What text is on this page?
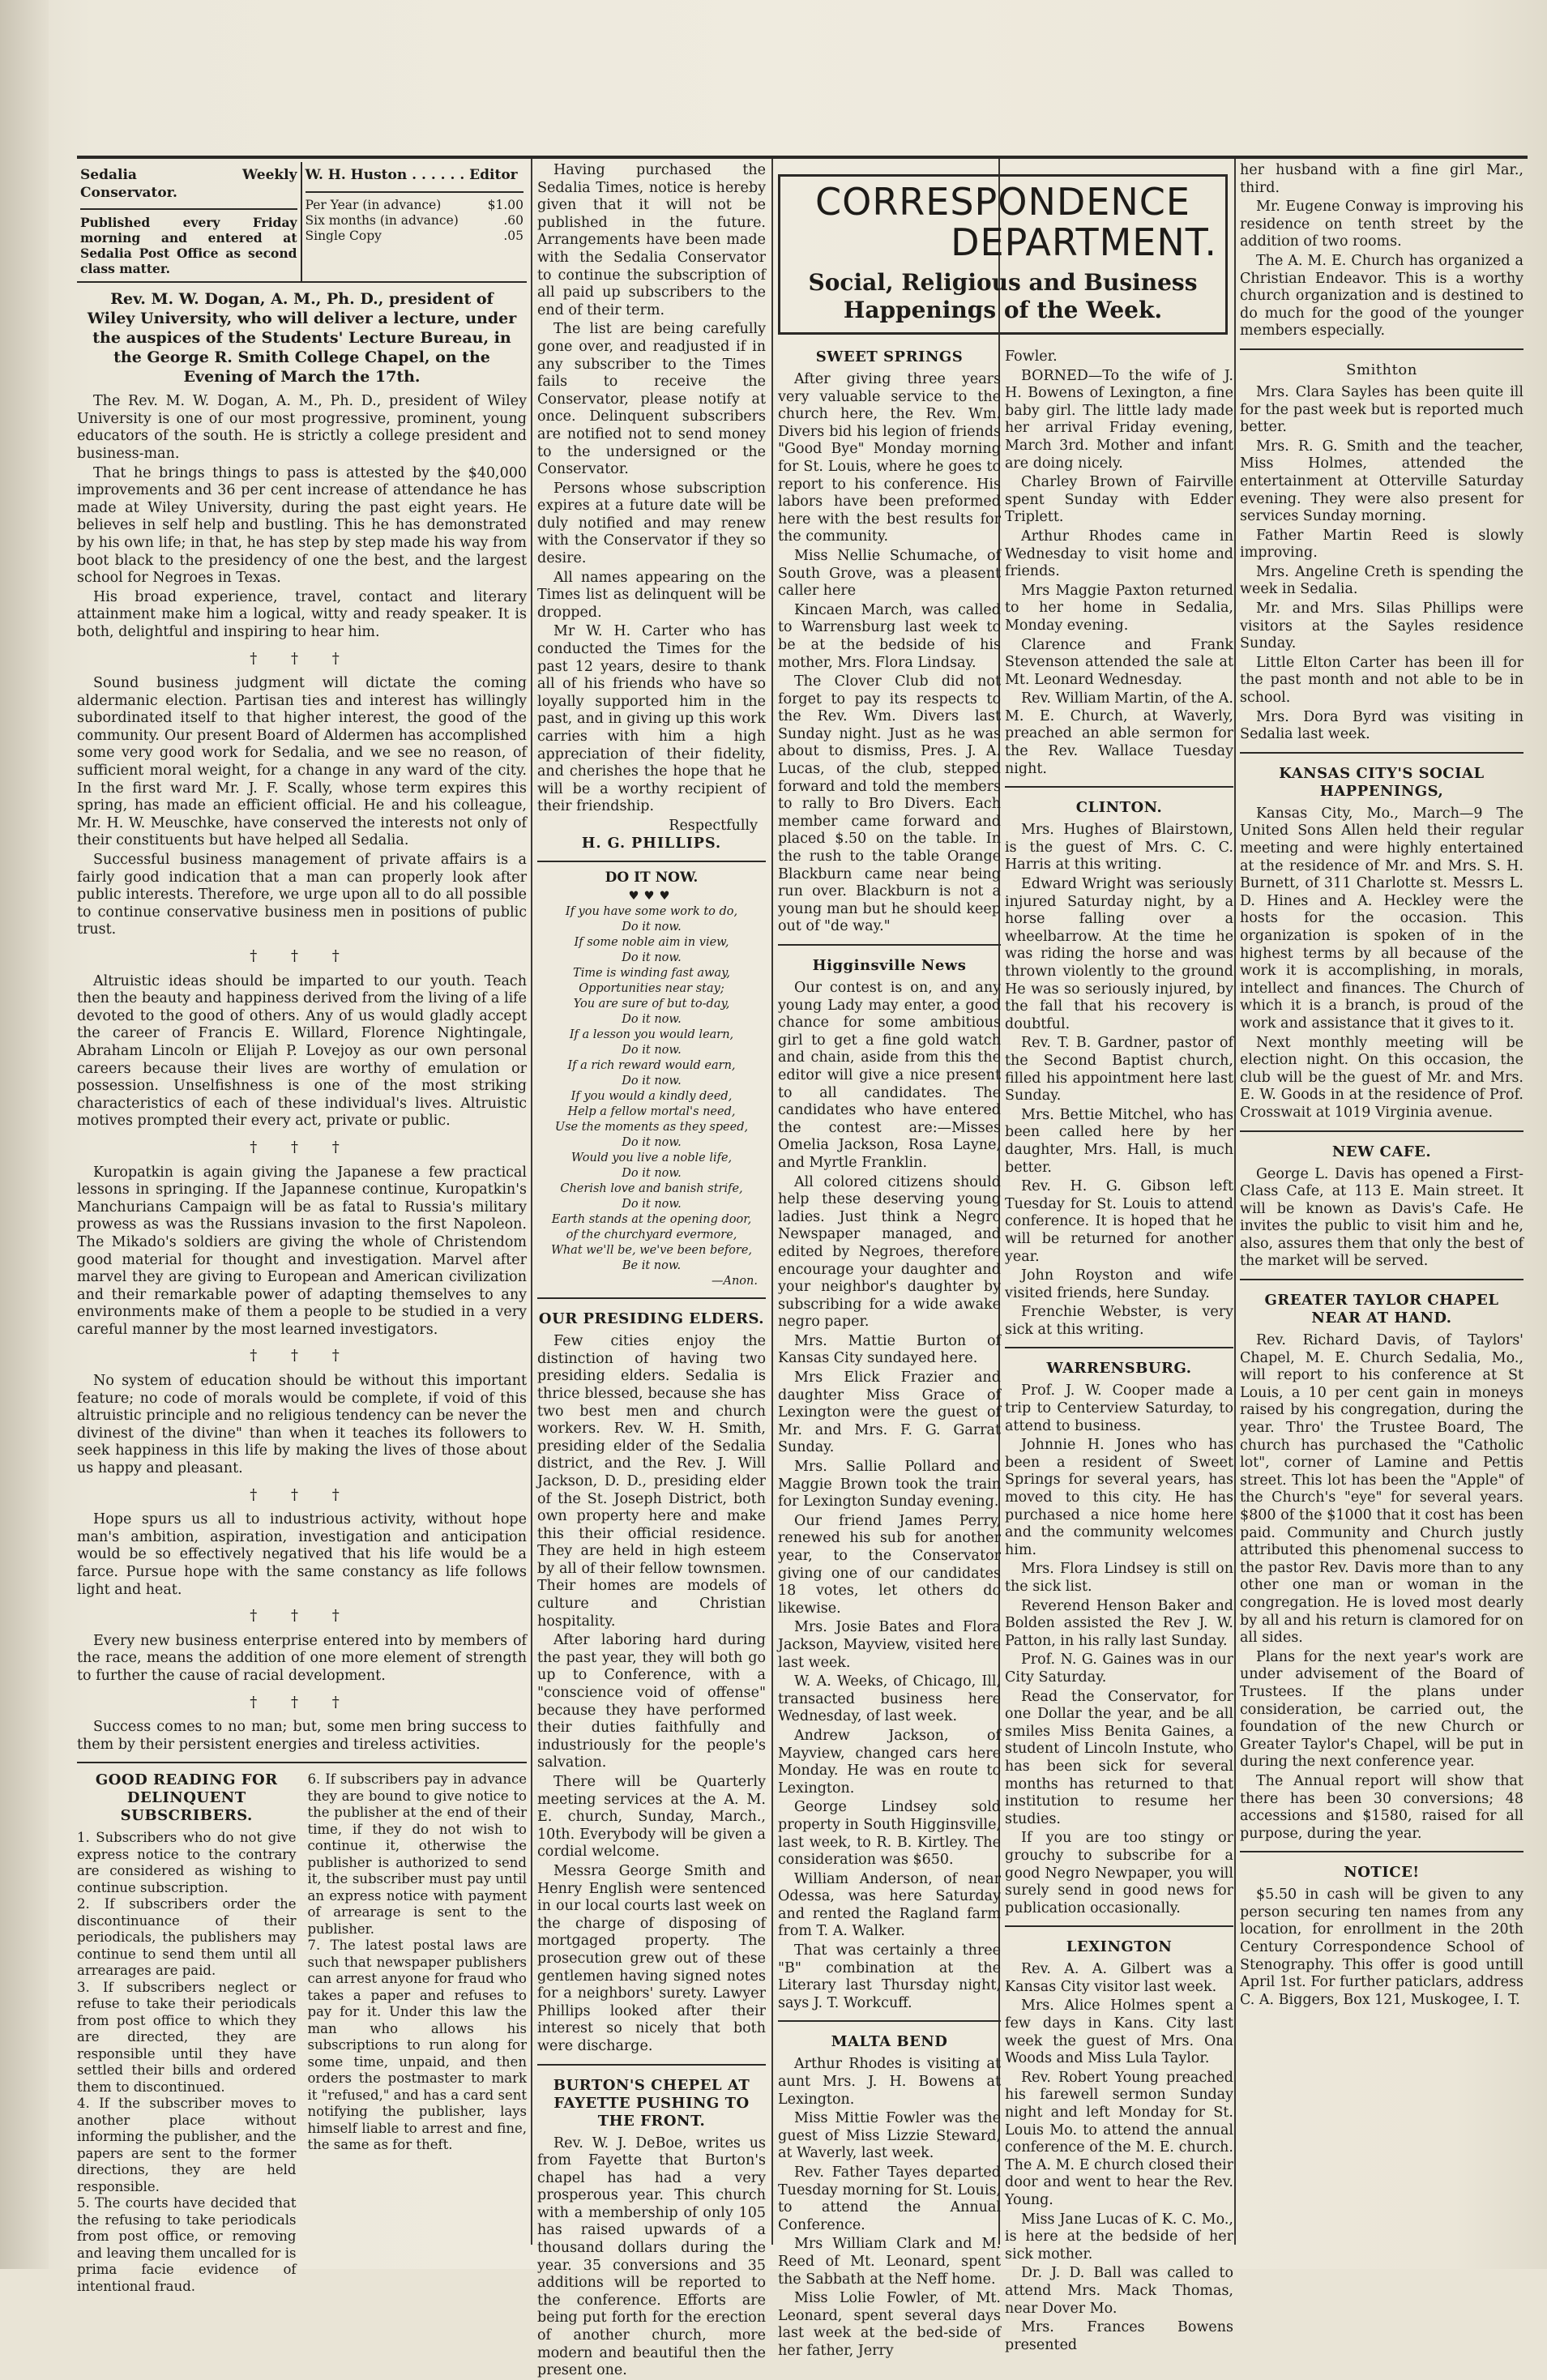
Sedalia Weekly Conservator.
Published every Friday morning and entered at Sedalia Post Office as second class matter.
W. H. Huston . . . . . . Editor
Per Year (in advance)	$1.00
Six months (in advance)	.60
Single Copy	.05
Rev. M. W. Dogan, A. M., Ph. D., president of Wiley University, who will deliver a lecture, under the auspices of the Students' Lecture Bureau, in the George R. Smith College Chapel, on the Evening of March the 17th.

The Rev. M. W. Dogan, A. M., Ph. D., president of Wiley University is one of our most progressive, prominent, young educators of the south. He is strictly a college president and business-man.

That he brings things to pass is attested by the $40,000 improvements and 36 per cent increase of attendance he has made at Wiley University, during the past eight years. He believes in self help and bustling. This he has demonstrated by his own life; in that, he has step by step made his way from boot black to the presidency of one the best, and the largest school for Negroes in Texas.

His broad experience, travel, contact and literary attainment make him a logical, witty and ready speaker. It is both, delightful and inspiring to hear him.

† † †

Sound business judgment will dictate the coming aldermanic election. Partisan ties and interest has willingly subordinated itself to that higher interest, the good of the community. Our present Board of Aldermen has accomplished some very good work for Sedalia, and we see no reason, of sufficient moral weight, for a change in any ward of the city. In the first ward Mr. J. F. Scally, whose term expires this spring, has made an efficient official. He and his colleague, Mr. H. W. Meuschke, have conserved the interests not only of their constituents but have helped all Sedalia.

Successful business management of private affairs is a fairly good indication that a man can properly look after public interests. Therefore, we urge upon all to do all possible to continue conservative business men in positions of public trust.

† † †

Altruistic ideas should be imparted to our youth. Teach then the beauty and happiness derived from the living of a life devoted to the good of others. Any of us would gladly accept the career of Francis E. Willard, Florence Nightingale, Abraham Lincoln or Elijah P. Lovejoy as our own personal careers because their lives are worthy of emulation or possession. Unselfishness is one of the most striking characteristics of each of these individual's lives. Altruistic motives prompted their every act, private or public.

† † †

Kuropatkin is again giving the Japanese a few practical lessons in springing. If the Japannese continue, Kuropatkin's Manchurians Campaign will be as fatal to Russia's military prowess as was the Russians invasion to the first Napoleon. The Mikado's soldiers are giving the whole of Christendom good material for thought and investigation. Marvel after marvel they are giving to European and American civilization and their remarkable power of adapting themselves to any environments make of them a people to be studied in a very careful manner by the most learned investigators.

† † †

No system of education should be without this important feature; no code of morals would be complete, if void of this altruistic principle and no religious tendency can be never the divinest of the divine" than when it teaches its followers to seek happiness in this life by making the lives of those about us happy and pleasant.

† † †

Hope spurs us all to industrious activity, without hope man's ambition, aspiration, investigation and anticipation would be so effectively negatived that his life would be a farce. Pursue hope with the same constancy as life follows light and heat.

† † †

Every new business enterprise entered into by members of the race, means the addition of one more element of strength to further the cause of racial development.

† † †

Success comes to no man; but, some men bring success to them by their persistent energies and tireless activities.

GOOD READING FOR DELINQUENT SUBSCRIBERS.
1. Subscribers who do not give express notice to the contrary are considered as wishing to continue subscription.
2. If subscribers order the discontinuance of their periodicals, the publishers may continue to send them until all arrearages are paid.
3. If subscribers neglect or refuse to take their periodicals from post office to which they are directed, they are responsible until they have settled their bills and ordered them to discontinued.
4. If the subscriber moves to another place without informing the publisher, and the papers are sent to the former directions, they are held responsible.
5. The courts have decided that the refusing to take periodicals from post office, or removing and leaving them uncalled for is prima facie evidence of intentional fraud.
6. If subscribers pay in advance they are bound to give notice to the publisher at the end of their time, if they do not wish to continue it, otherwise the publisher is authorized to send it, the subscriber must pay until an express notice with payment of arrearage is sent to the publisher.
7. The latest postal laws are such that newspaper publishers can arrest anyone for fraud who takes a paper and refuses to pay for it. Under this law the man who allows his subscriptions to run along for some time, unpaid, and then orders the postmaster to mark it "refused," and has a card sent notifying the publisher, lays himself liable to arrest and fine, the same as for theft.

Having purchased the Sedalia Times, notice is hereby given that it will not be published in the future. Arrangements have been made with the Sedalia Conservator to continue the subscription of all paid up subscribers to the end of their term.

The list are being carefully gone over, and readjusted if in any subscriber to the Times fails to receive the Conservator, please notify at once. Delinquent subscribers are notified not to send money to the undersigned or the Conservator.

Persons whose subscription expires at a future date will be duly notified and may renew with the Conservator if they so desire.

All names appearing on the Times list as delinquent will be dropped.

Mr W. H. Carter who has conducted the Times for the past 12 years, desire to thank all of his friends who have so loyally supported him in the past, and in giving up this work carries with him a high appreciation of their fidelity, and cherishes the hope that he will be a worthy recipient of their friendship.

Respectfully
H. G. PHILLIPS.
DO IT NOW.
♥♥♥
If you have some work to do,
Do it now.
If some noble aim in view,
Do it now.
Time is winding fast away,
Opportunities near stay;
You are sure of but to-day,
Do it now.
If a lesson you would learn,
Do it now.
If a rich reward would earn,
Do it now.
If you would a kindly deed,
Help a fellow mortal's need,
Use the moments as they speed,
Do it now.
Would you live a noble life,
Do it now.
Cherish love and banish strife,
Do it now.
Earth stands at the opening door,
of the churchyard evermore,
What we'll be, we've been before,
Be it now.
—Anon.
OUR PRESIDING ELDERS.

Few cities enjoy the distinction of having two presiding elders. Sedalia is thrice blessed, because she has two best men and church workers. Rev. W. H. Smith, presiding elder of the Sedalia district, and the Rev. J. Will Jackson, D. D., presiding elder of the St. Joseph District, both own property here and make this their official residence. They are held in high esteem by all of their fellow townsmen. Their homes are models of culture and Christian hospitality.

After laboring hard during the past year, they will both go up to Conference, with a "conscience void of offense" because they have performed their duties faithfully and industriously for the people's salvation.

There will be Quarterly meeting services at the A. M. E. church, Sunday, March., 10th. Everybody will be given a cordial welcome.

Messra George Smith and Henry English were sentenced in our local courts last week on the charge of disposing of mortgaged property. The prosecution grew out of these gentlemen having signed notes for a neighbors' surety. Lawyer Phillips looked after their interest so nicely that both were discharge.

BURTON'S CHEPEL AT FAYETTE PUSHING TO THE FRONT.

Rev. W. J. DeBoe, writes us from Fayette that Burton's chapel has had a very prosperous year. This church with a membership of only 105 has raised upwards of a thousand dollars during the year. 35 conversions and 35 additions will be reported to the conference. Efforts are being put forth for the erection of another church, more modern and beautiful then the present one.

CORRESPONDENCE
DEPARTMENT.
Social, Religious and Business Happenings of the Week.
SWEET SPRINGS

After giving three years very valuable service to the church here, the Rev. Wm. Divers bid his legion of friends "Good Bye" Monday morning for St. Louis, where he goes to report to his conference. His labors have been preformed here with the best results for the community.

Miss Nellie Schumache, of South Grove, was a pleasent caller here

Kincaen March, was called to Warrensburg last week to be at the bedside of his mother, Mrs. Flora Lindsay.

The Clover Club did not forget to pay its respects to the Rev. Wm. Divers last Sunday night. Just as he was about to dismiss, Pres. J. A. Lucas, of the club, stepped forward and told the members to rally to Bro Divers. Each member came forward and placed $.50 on the table. In the rush to the table Orange Blackburn came near being run over. Blackburn is not a young man but he should keep out of "de way."

Higginsville News

Our contest is on, and any young Lady may enter, a good chance for some ambitious girl to get a fine gold watch and chain, aside from this the editor will give a nice present to all candidates. The candidates who have entered the contest are:—Misses Omelia Jackson, Rosa Layne, and Myrtle Franklin.

All colored citizens should help these deserving young ladies. Just think a Negro Newspaper managed, and edited by Negroes, therefore encourage your daughter and your neighbor's daughter by subscribing for a wide awake negro paper.

Mrs. Mattie Burton of Kansas City sundayed here.

Mrs Elick Frazier and daughter Miss Grace of Lexington were the guest of Mr. and Mrs. F. G. Garrat Sunday.

Mrs. Sallie Pollard and Maggie Brown took the train for Lexington Sunday evening.

Our friend James Perry, renewed his sub for another year, to the Conservator giving one of our candidates 18 votes, let others do likewise.

Mrs. Josie Bates and Flora Jackson, Mayview, visited here last week.

W. A. Weeks, of Chicago, Ill, transacted business here Wednesday, of last week.

Andrew Jackson, of Mayview, changed cars here Monday. He was en route to Lexington.

George Lindsey sold property in South Higginsville, last week, to R. B. Kirtley. The consideration was $650.

William Anderson, of near Odessa, was here Saturday and rented the Ragland farm from T. A. Walker.

That was certainly a three "B" combination at the Literary last Thursday night, says J. T. Workcuff.

MALTA BEND

Arthur Rhodes is visiting at aunt Mrs. J. H. Bowens at Lexington.

Miss Mittie Fowler was the guest of Miss Lizzie Steward, at Waverly, last week.

Rev. Father Tayes departed Tuesday morning for St. Louis, to attend the Annual Conference.

Mrs William Clark and M. Reed of Mt. Leonard, spent the Sabbath at the Neff home.

Miss Lolie Fowler, of Mt. Leonard, spent several days last week at the bed-side of her father, Jerry

Fowler.

BORNED—To the wife of J. H. Bowens of Lexington, a fine baby girl. The little lady made her arrival Friday evening, March 3rd. Mother and infant are doing nicely.

Charley Brown of Fairville spent Sunday with Edder Triplett.

Arthur Rhodes came in Wednesday to visit home and friends.

Mrs Maggie Paxton returned to her home in Sedalia, Monday evening.

Clarence and Frank Stevenson attended the sale at Mt. Leonard Wednesday.

Rev. William Martin, of the A. M. E. Church, at Waverly, preached an able sermon for the Rev. Wallace Tuesday night.

CLINTON.

Mrs. Hughes of Blairstown, is the guest of Mrs. C. C. Harris at this writing.

Edward Wright was seriously injured Saturday night, by a horse falling over a wheelbarrow. At the time he was riding the horse and was thrown violently to the ground He was so seriously injured, by the fall that his recovery is doubtful.

Rev. T. B. Gardner, pastor of the Second Baptist church, filled his appointment here last Sunday.

Mrs. Bettie Mitchel, who has been called here by her daughter, Mrs. Hall, is much better.

Rev. H. G. Gibson left Tuesday for St. Louis to attend conference. It is hoped that he will be returned for another year.

John Royston and wife visited friends, here Sunday.

Frenchie Webster, is very sick at this writing.

WARRENSBURG.

Prof. J. W. Cooper made a trip to Centerview Saturday, to attend to business.

Johnnie H. Jones who has been a resident of Sweet Springs for several years, has moved to this city. He has purchased a nice home here and the community welcomes him.

Mrs. Flora Lindsey is still on the sick list.

Reverend Henson Baker and Bolden assisted the Rev J. W. Patton, in his rally last Sunday.

Prof. N. G. Gaines was in our City Saturday.

Read the Conservator, for one Dollar the year, and be all smiles Miss Benita Gaines, a student of Lincoln Instute, who has been sick for several months has returned to that institution to resume her studies.

If you are too stingy or grouchy to subscribe for a good Negro Newpaper, you will surely send in good news for publication occasionally.

LEXINGTON

Rev. A. A. Gilbert was a Kansas City visitor last week.

Mrs. Alice Holmes spent a few days in Kans. City last week the guest of Mrs. Ona Woods and Miss Lula Taylor.

Rev. Robert Young preached his farewell sermon Sunday night and left Monday for St. Louis Mo. to attend the annual conference of the M. E. church. The A. M. E church closed their door and went to hear the Rev. Young.

Miss Jane Lucas of K. C. Mo., is here at the bedside of her sick mother.

Dr. J. D. Ball was called to attend Mrs. Mack Thomas, near Dover Mo.

Mrs. Frances Bowens presented

her husband with a fine girl Mar., third.

Mr. Eugene Conway is improving his residence on tenth street by the addition of two rooms.

The A. M. E. Church has organized a Christian Endeavor. This is a worthy church organization and is destined to do much for the good of the younger members especially.

Smithton

Mrs. Clara Sayles has been quite ill for the past week but is reported much better.

Mrs. R. G. Smith and the teacher, Miss Holmes, attended the entertainment at Otterville Saturday evening. They were also present for services Sunday morning.

Father Martin Reed is slowly improving.

Mrs. Angeline Creth is spending the week in Sedalia.

Mr. and Mrs. Silas Phillips were visitors at the Sayles residence Sunday.

Little Elton Carter has been ill for the past month and not able to be in school.

Mrs. Dora Byrd was visiting in Sedalia last week.

KANSAS CITY'S SOCIAL HAPPENINGS,

Kansas City, Mo., March—9 The United Sons Allen held their regular meeting and were highly entertained at the residence of Mr. and Mrs. S. H. Burnett, of 311 Charlotte st. Messrs L. D. Hines and A. Heckley were the hosts for the occasion. This organization is spoken of in the highest terms by all because of the work it is accomplishing, in morals, intellect and finances. The Church of which it is a branch, is proud of the work and assistance that it gives to it.

Next monthly meeting will be election night. On this occasion, the club will be the guest of Mr. and Mrs. E. W. Goods in at the residence of Prof. Crosswait at 1019 Virginia avenue.

NEW CAFE.

George L. Davis has opened a First-Class Cafe, at 113 E. Main street. It will be known as Davis's Cafe. He invites the public to visit him and he, also, assures them that only the best of the market will be served.

GREATER TAYLOR CHAPEL NEAR AT HAND.

Rev. Richard Davis, of Taylors' Chapel, M. E. Church Sedalia, Mo., will report to his conference at St Louis, a 10 per cent gain in moneys raised by his congregation, during the year. Thro' the Trustee Board, The church has purchased the "Catholic lot", corner of Lamine and Pettis street. This lot has been the "Apple" of the Church's "eye" for several years. $800 of the $1000 that it cost has been paid. Community and Church justly attributed this phenomenal success to the pastor Rev. Davis more than to any other one man or woman in the congregation. He is loved most dearly by all and his return is clamored for on all sides.

Plans for the next year's work are under advisement of the Board of Trustees. If the plans under consideration, be carried out, the foundation of the new Church or Greater Taylor's Chapel, will be put in during the next conference year.

The Annual report will show that there has been 30 conversions; 48 accessions and $1580, raised for all purpose, during the year.

NOTICE!

$5.50 in cash will be given to any person securing ten names from any location, for enrollment in the 20th Century Correspondence School of Stenography. This offer is good untill April 1st. For further paticlars, address C. A. Biggers, Box 121, Muskogee, I. T.
